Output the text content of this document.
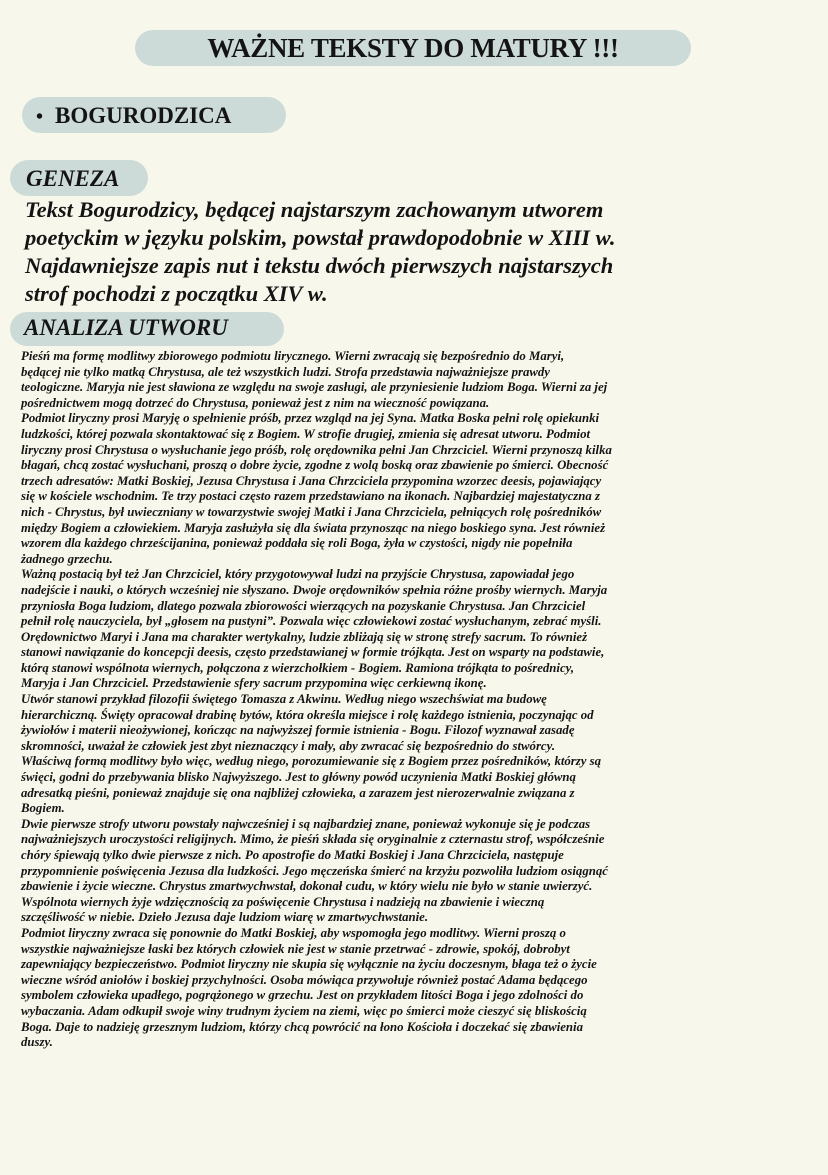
WAŻNE TEKSTY DO MATURY !!!
• BOGURODZICA
GENEZA
Tekst Bogurodzicy, będącej najstarszym zachowanym utworem
poetyckim w języku polskim, powstał prawdopodobnie w XIII w.
Najdawniejsze zapis nut i tekstu dwóch pierwszych najstarszych
strof pochodzi z początku XIV w.
ANALIZA UTWORU
Pieśń ma formę modlitwy zbiorowego podmiotu lirycznego. Wierni zwracają się bezpośrednio do Maryi,
będącej nie tylko matką Chrystusa, ale też wszystkich ludzi. Strofa przedstawia najważniejsze prawdy
teologiczne. Maryja nie jest sławiona ze względu na swoje zasługi, ale przyniesienie ludziom Boga. Wierni za jej
pośrednictwem mogą dotrzeć do Chrystusa, ponieważ jest z nim na wieczność powiązana.
Podmiot liryczny prosi Maryję o spełnienie próśb, przez wzgląd na jej Syna. Matka Boska pełni rolę opiekunki
ludzkości, której pozwala skontaktować się z Bogiem. W strofie drugiej, zmienia się adresat utworu. Podmiot
liryczny prosi Chrystusa o wysłuchanie jego próśb, rolę orędownika pełni Jan Chrzciciel. Wierni przynoszą kilka
błagań, chcą zostać wysłuchani, proszą o dobre życie, zgodne z wolą boską oraz zbawienie po śmierci. Obecność
trzech adresatów: Matki Boskiej, Jezusa Chrystusa i Jana Chrzciciela przypomina wzorzec deesis, pojawiający
się w kościele wschodnim. Te trzy postaci często razem przedstawiano na ikonach. Najbardziej majestatyczna z
nich - Chrystus, był uwieczniany w towarzystwie swojej Matki i Jana Chrzciciela, pełniących rolę pośredników
między Bogiem a człowiekiem. Maryja zasłużyła się dla świata przynosząc na niego boskiego syna. Jest również
wzorem dla każdego chrześcijanina, ponieważ poddała się roli Boga, żyła w czystości, nigdy nie popełniła
żadnego grzechu.
Ważną postacią był też Jan Chrzciciel, który przygotowywał ludzi na przyjście Chrystusa, zapowiadał jego
nadejście i nauki, o których wcześniej nie słyszano. Dwoje orędowników spełnia różne prośby wiernych. Maryja
przyniosła Boga ludziom, dlatego pozwala zbiorowości wierzących na pozyskanie Chrystusa. Jan Chrzciciel
pełnił rolę nauczyciela, był „głosem na pustyni”. Pozwala więc człowiekowi zostać wysłuchanym, zebrać myśli.
Orędownictwo Maryi i Jana ma charakter wertykalny, ludzie zbliżają się w stronę strefy sacrum. To również
stanowi nawiązanie do koncepcji deesis, często przedstawianej w formie trójkąta. Jest on wsparty na podstawie,
którą stanowi wspólnota wiernych, połączona z wierzchołkiem - Bogiem. Ramiona trójkąta to pośrednicy,
Maryja i Jan Chrzciciel. Przedstawienie sfery sacrum przypomina więc cerkiewną ikonę.
Utwór stanowi przykład filozofii świętego Tomasza z Akwinu. Według niego wszechświat ma budowę
hierarchiczną. Święty opracował drabinę bytów, która określa miejsce i rolę każdego istnienia, poczynając od
żywiołów i materii nieożywionej, kończąc na najwyższej formie istnienia - Bogu. Filozof wyznawał zasadę
skromności, uważał że człowiek jest zbyt nieznaczący i mały, aby zwracać się bezpośrednio do stwórcy.
Właściwą formą modlitwy było więc, według niego, porozumiewanie się z Bogiem przez pośredników, którzy są
święci, godni do przebywania blisko Najwyższego. Jest to główny powód uczynienia Matki Boskiej główną
adresatką pieśni, ponieważ znajduje się ona najbliżej człowieka, a zarazem jest nierozerwalnie związana z
Bogiem.
Dwie pierwsze strofy utworu powstały najwcześniej i są najbardziej znane, ponieważ wykonuje się je podczas
najważniejszych uroczystości religijnych. Mimo, że pieśń składa się oryginalnie z czternastu strof, współcześnie
chóry śpiewają tylko dwie pierwsze z nich. Po apostrofie do Matki Boskiej i Jana Chrzciciela, następuje
przypomnienie poświęcenia Jezusa dla ludzkości. Jego męczeńska śmierć na krzyżu pozwoliła ludziom osiągnąć
zbawienie i życie wieczne. Chrystus zmartwychwstał, dokonał cudu, w który wielu nie było w stanie uwierzyć.
Wspólnota wiernych żyje wdzięcznością za poświęcenie Chrystusa i nadzieją na zbawienie i wieczną
szczęśliwość w niebie. Dzieło Jezusa daje ludziom wiarę w zmartwychwstanie.
Podmiot liryczny zwraca się ponownie do Matki Boskiej, aby wspomogła jego modlitwy. Wierni proszą o
wszystkie najważniejsze łaski bez których człowiek nie jest w stanie przetrwać - zdrowie, spokój, dobrobyt
zapewniający bezpieczeństwo. Podmiot liryczny nie skupia się wyłącznie na życiu doczesnym, błaga też o życie
wieczne wśród aniołów i boskiej przychylności. Osoba mówiąca przywołuje również postać Adama będącego
symbolem człowieka upadłego, pogrążonego w grzechu. Jest on przykładem litości Boga i jego zdolności do
wybaczania. Adam odkupił swoje winy trudnym życiem na ziemi, więc po śmierci może cieszyć się bliskością
Boga. Daje to nadzieję grzesznym ludziom, którzy chcą powrócić na łono Kościoła i doczekać się zbawienia
duszy.
